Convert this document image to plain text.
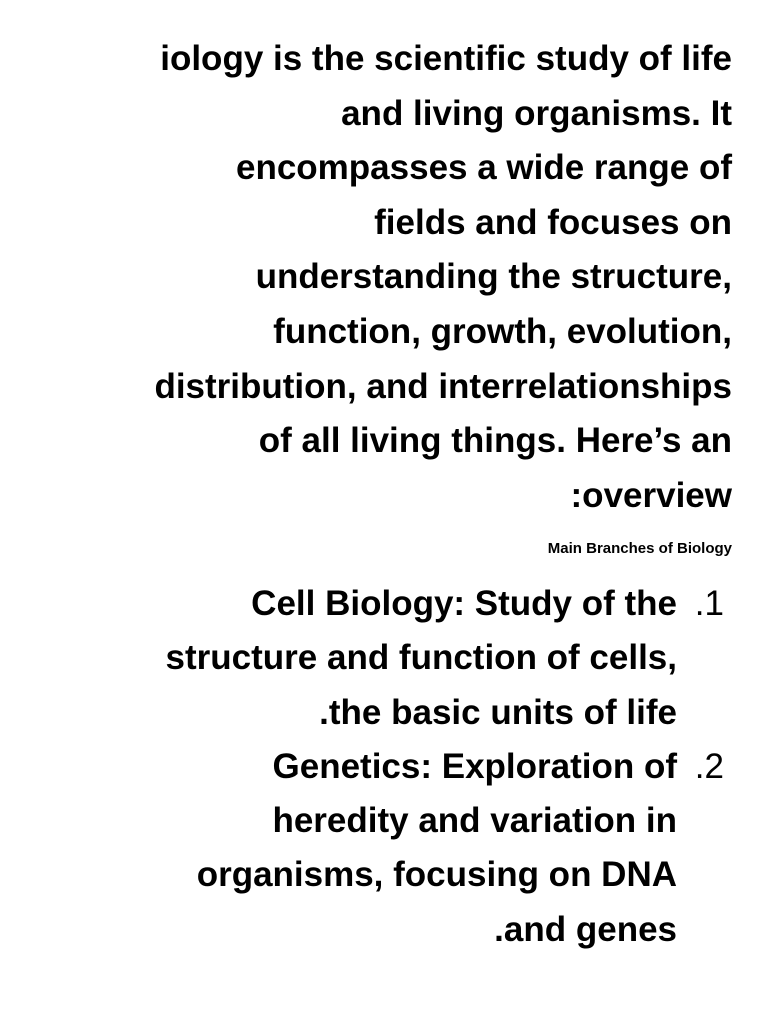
iology is the scientific study of life
and living organisms. It
encompasses a wide range of
fields and focuses on
understanding the structure,
function, growth, evolution,
distribution, and interrelationships
of all living things. Here’s an
:overview

Main Branches of Biology
.1
Cell Biology: Study of the
structure and function of cells,
.the basic units of life
.2
Genetics: Exploration of
heredity and variation in
organisms, focusing on DNA
.and genes
